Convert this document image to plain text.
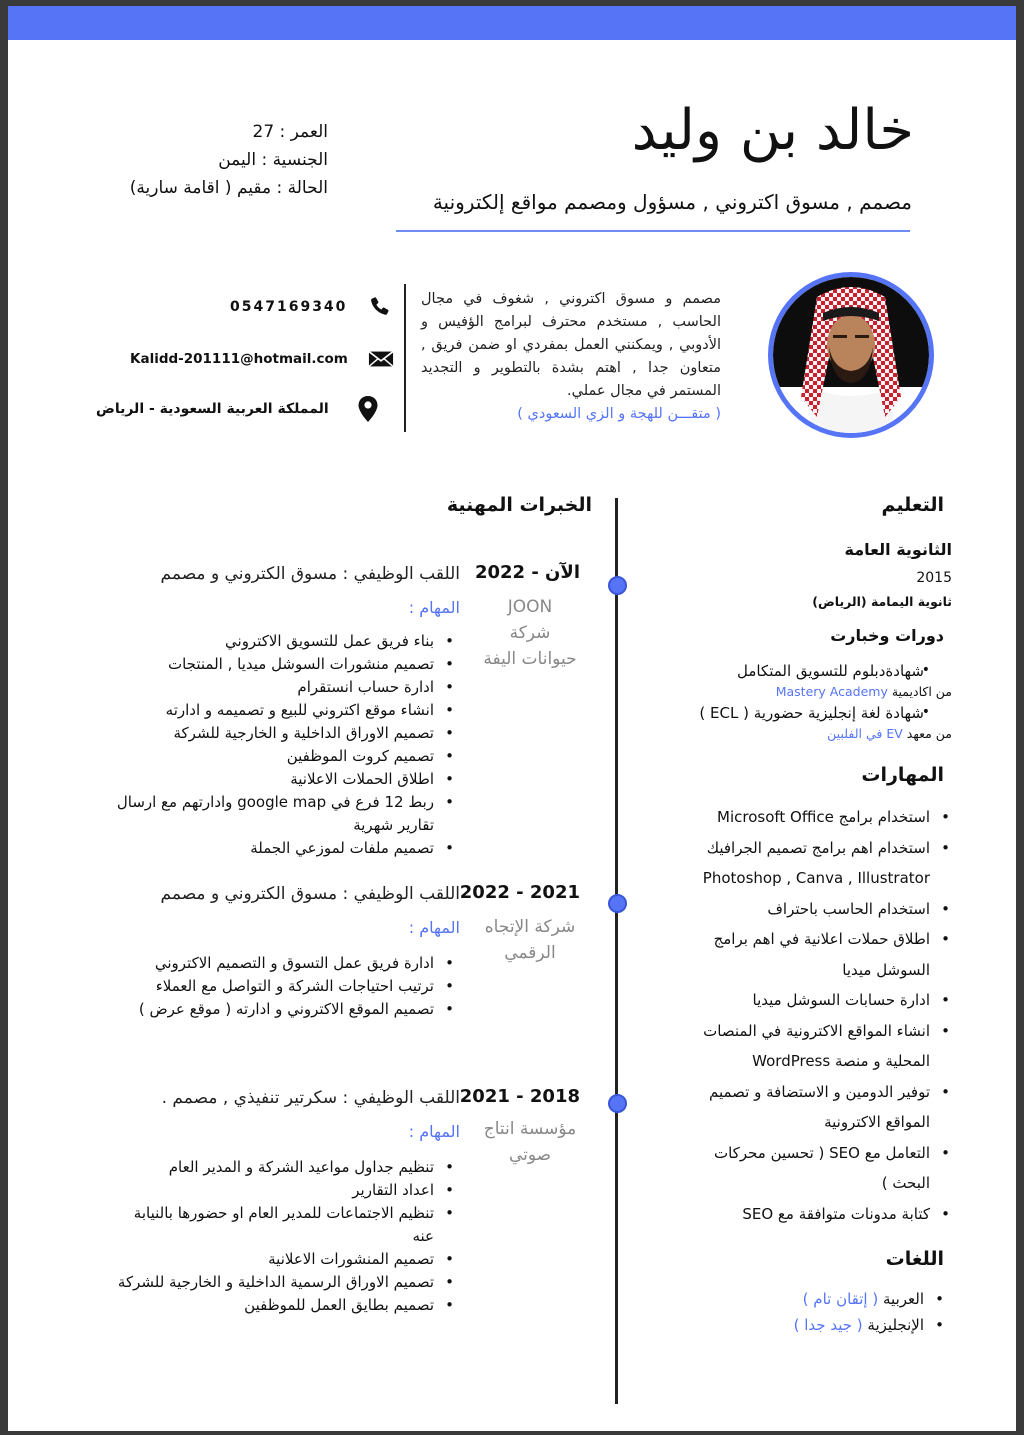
خالد بن وليد
مصمم , مسوق اكتروني , مسؤول ومصمم مواقع إلكترونية
العمر : 27
الجنسية : اليمن
الحالة : مقيم ( اقامة سارية)
0547169340
Kalidd-201111@hotmail.com
المملكة العربية السعودية - الرياض
مصمم و مسوق اكتروني , شغوف في مجال الحاسب , مستخدم محترف لبرامج الؤفيس و الأدوبي , ويمكنني العمل بمفردي او ضمن فريق , متعاون جدا , اهتم بشدة بالتطوير و التجديد المستمر في مجال عملي.
( متقـــن للهجة و الزي السعودي )
التعليم
الخبرات المهنية
الثانوية العامة
2015
ثانوية اليمامة (الرياض)
دورات وخبارت
شهادةدبلوم للتسويق المتكامل
•
من اكاديمية Mastery Academy
شهادة لغة إنجليزية حضورية ( ECL )
•
من معهد EV في الفلبين
المهارات
استخدام برامج Microsoft Office •
استخدام اهم برامج تصميم الجرافيك •
Photoshop , Canva , Illustrator
استخدام الحاسب باحتراف •
اطلاق حملات اعلانية في اهم برامج •
السوشل ميديا
ادارة حسابات السوشل ميديا •
انشاء المواقع الاكترونية في المنصات •
المحلية و منصة WordPress
توفير الدومين و الاستضافة و تصميم •
المواقع الاكترونية
التعامل مع SEO ( تحسين محركات •
البحث )
كتابة مدونات متوافقة مع SEO •
اللغات
العربية ( إتقان تام ) •
الإنجليزية ( جيد جدا ) •
الآن - 2022
اللقب الوظيفي : مسوق الكتروني و مصمم
JOON
شركة
حيوانات اليفة
المهام :
بناء فريق عمل للتسويق الاكتروني •
تصميم منشورات السوشل ميديا , المنتجات •
ادارة حساب انستقرام •
انشاء موقع اكتروني للبيع و تصميمه و ادارته •
تصميم الاوراق الداخلية و الخارجية للشركة •
تصميم كروت الموظفين •
اطلاق الحملات الاعلانية •
ربط 12 فرع في google map وادارتهم مع ارسال •
تقارير شهرية
تصميم ملفات لموزعي الجملة •
2021 - 2022
اللقب الوظيفي : مسوق الكتروني و مصمم
شركة الإتجاه
الرقمي
المهام :
ادارة فريق عمل التسوق و التصميم الاكتروني •
ترتيب احتياجات الشركة و التواصل مع العملاء •
تصميم الموقع الاكتروني و ادارته ( موقع عرض ) •
2018 - 2021
اللقب الوظيفي : سكرتير تنفيذي , مصمم .
مؤسسة انتاج
صوتي
المهام :
تنظيم جداول مواعيد الشركة و المدير العام •
اعداد التقارير •
تنظيم الاجتماعات للمدير العام او حضورها بالنيابة •
عنه
تصميم المنشورات الاعلانية •
تصميم الاوراق الرسمية الداخلية و الخارجية للشركة •
تصميم بطايق العمل للموظفين •
